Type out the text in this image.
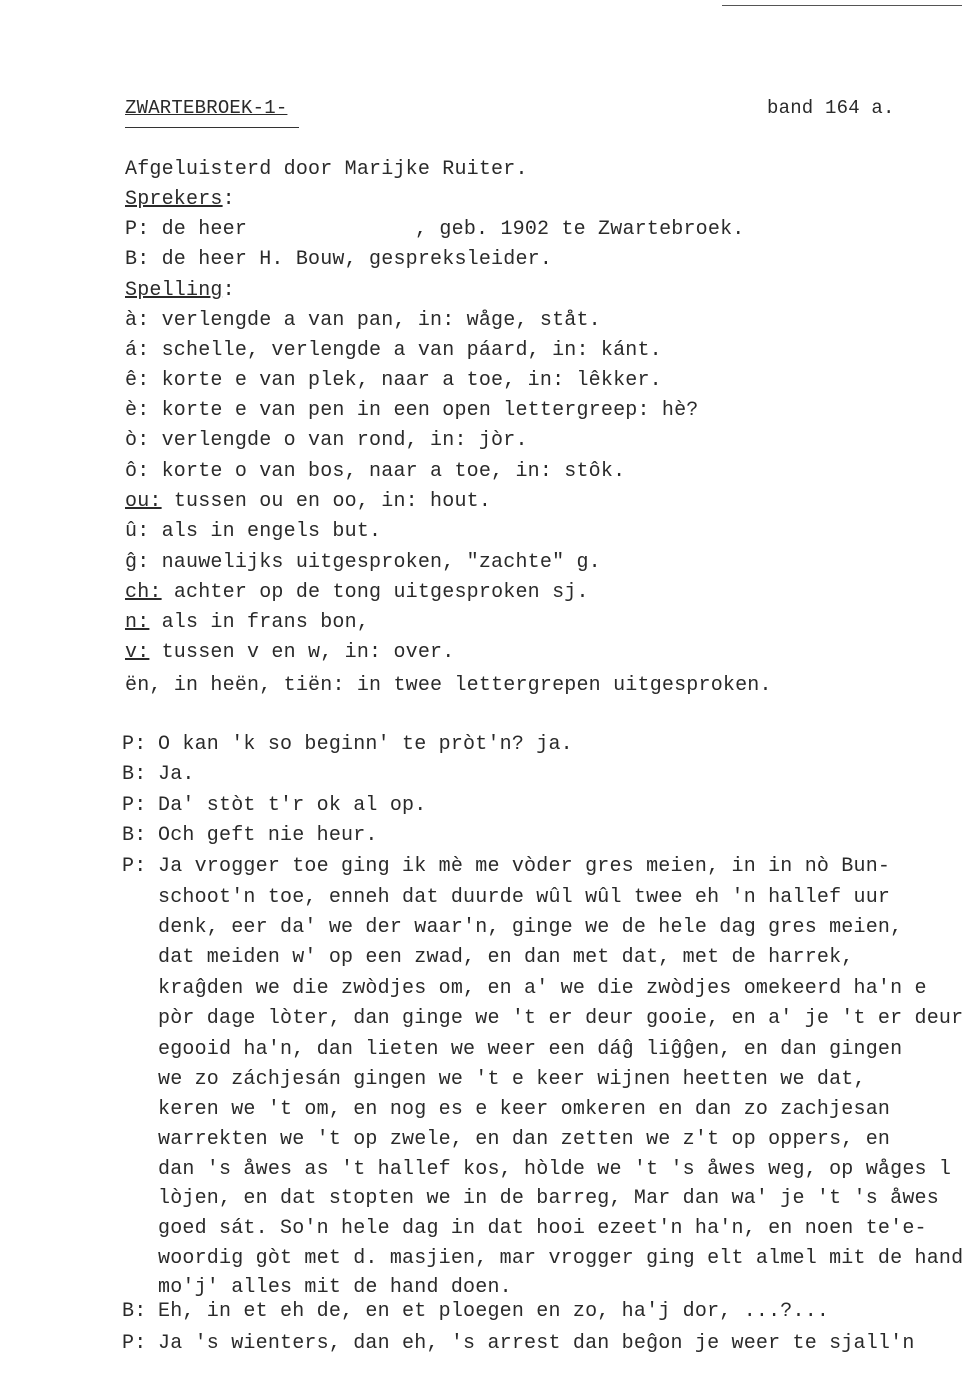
ZWARTEBROEK-1-	band 164 a.
Afgeluisterd door Marijke Ruiter.
Sprekers:
P: de heer	, geb. 1902 te Zwartebroek.
B: de heer H. Bouw, gespreksleider.
Spelling:
à: verlengde a van pan, in: wåge, ståt.
á: schelle, verlengde a van páard, in: kánt.
ê: korte e van plek, naar a toe, in: lêkker.
è: korte e van pen in een open lettergreep: hè?
ò: verlengde o van rond, in: jòr.
ô: korte o van bos, naar a toe, in: stôk.
ou: tussen ou en oo, in: hout.
û: als in engels but.
ĝ: nauwelijks uitgesproken, "zachte" g.
ch: achter op de tong uitgesproken sj.
n: als in frans bon,
v: tussen v en w, in: over.
ën, in heën, tiën: in twee lettergrepen uitgesproken.
P: O kan 'k so beginn' te pròt'n? ja.
B: Ja.
P: Da' stòt t'r ok al op.
B: Och geft nie heur.
P: Ja vrogger toe ging ik mè me vòder gres meien, in in nò Bun-
schoot'n toe, enneh dat duurde wûl wûl twee eh 'n hallef uur
denk, eer da' we der waar'n, ginge we de hele dag gres meien,
dat meiden w' op een zwad, en dan met dat, met de harrek,
kraĝden we die zwòdjes om, en a' we die zwòdjes omekeerd ha'n e
pòr dage lòter, dan ginge we 't er deur gooie, en a' je 't er deur
egooid ha'n, dan lieten we weer een dáĝ liĝĝen, en dan gingen
we zo záchjesán gingen we 't e keer wijnen heetten we dat,
keren we 't om, en nog es e keer omkeren en dan zo zachjesan
warrekten we 't op zwele, en dan zetten we z't op oppers, en
dan 's åwes as 't hallef kos, hòlde we 't 's åwes weg, op wåges l
lòjen, en dat stopten we in de barreg, Mar dan wa' je 't 's åwes
goed sát. So'n hele dag in dat hooi ezeet'n ha'n, en noen te'e-
woordig gòt met d. masjien, mar vrogger ging elt almel mit de hand
mo'j' alles mit de hand doen.
B: Eh, in et eh de, en et ploegen en zo, ha'j dor, ...?...
P: Ja 's wienters, dan eh, 's arrest dan beĝon je weer te sjall'n
